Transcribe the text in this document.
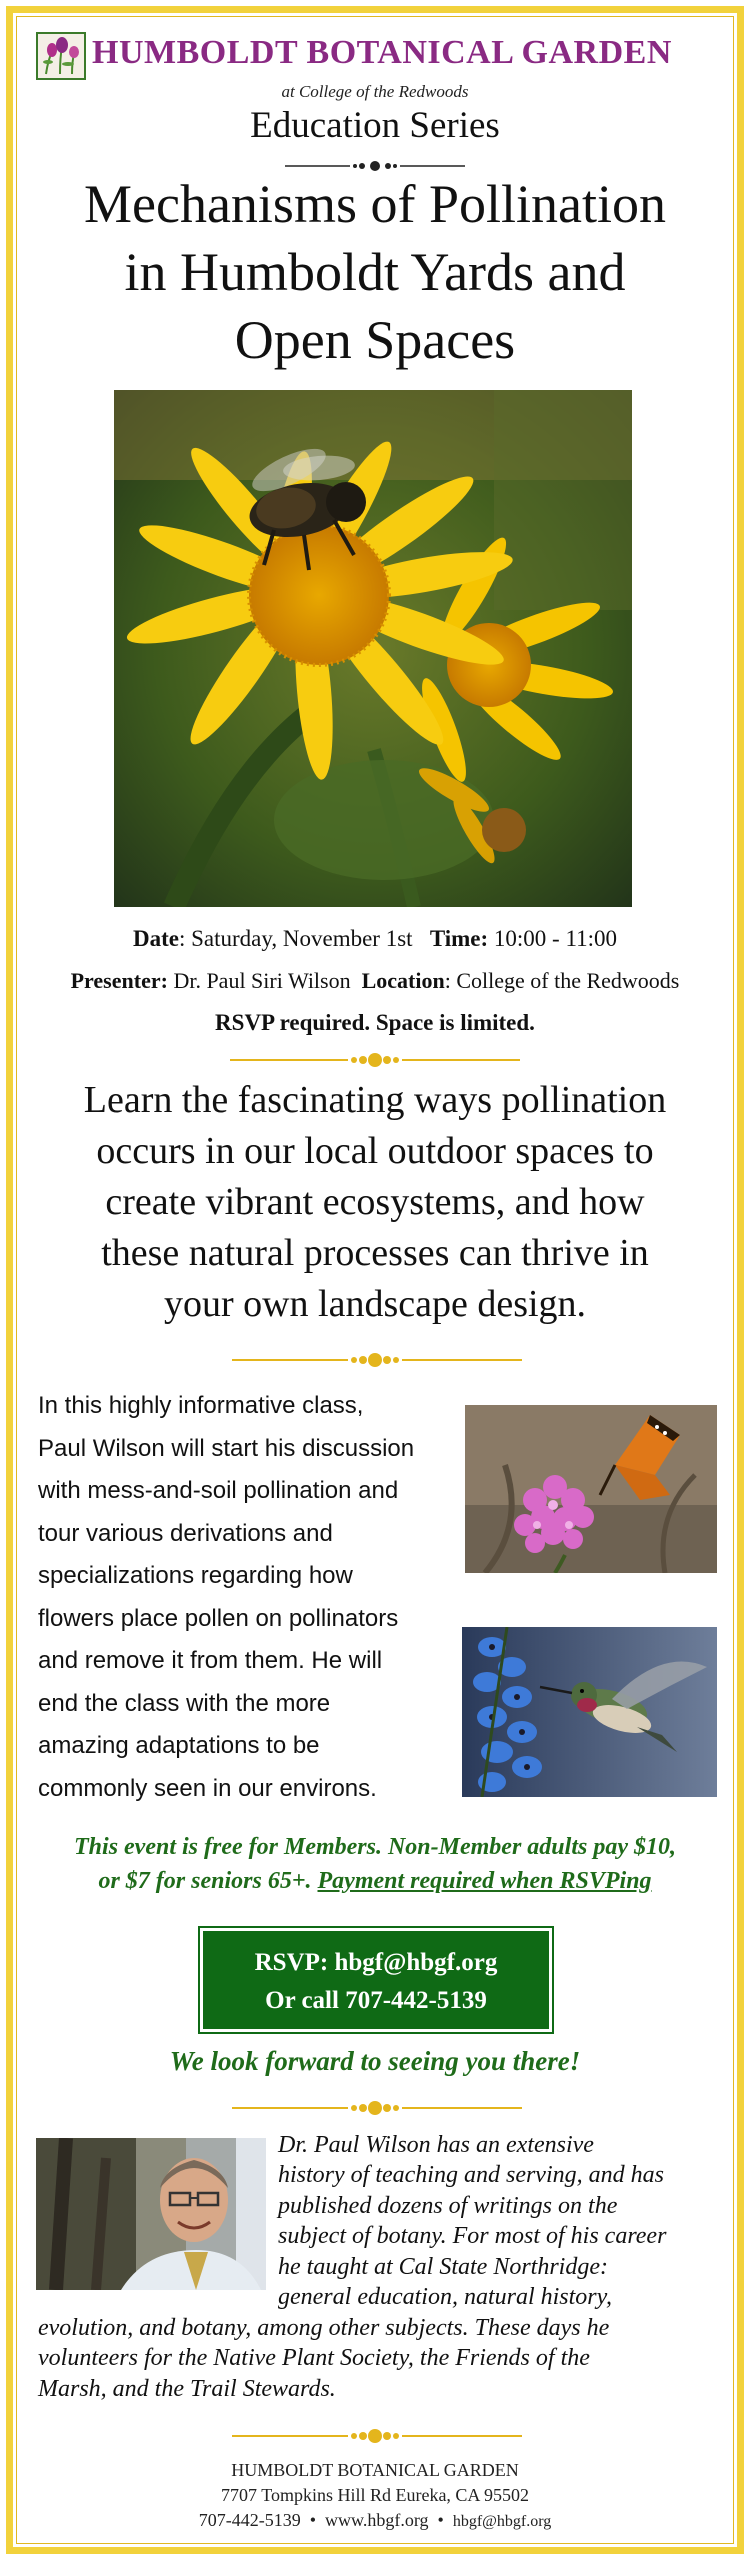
HUMBOLDT BOTANICAL GARDEN
at College of the Redwoods
Education Series
Mechanisms of Pollination
in Humboldt Yards and
Open Spaces
Date: Saturday, November 1st Time: 10:00 - 11:00
Presenter: Dr. Paul Siri Wilson Location: College of the Redwoods
RSVP required. Space is limited.
Learn the fascinating ways pollination
occurs in our local outdoor spaces to
create vibrant ecosystems, and how
these natural processes can thrive in
your own landscape design.
In this highly informative class,
Paul Wilson will start his discussion
with mess-and-soil pollination and
tour various derivations and
specializations regarding how
flowers place pollen on pollinators
and remove it from them. He will
end the class with the more
amazing adaptations to be
commonly seen in our environs.
This event is free for Members. Non-Member adults pay $10,
or $7 for seniors 65+. Payment required when RSVPing
RSVP: hbgf@hbgf.org
Or call 707-442-5139
We look forward to seeing you there!
Dr. Paul Wilson has an extensive
history of teaching and serving, and has
published dozens of writings on the
subject of botany. For most of his career
he taught at Cal State Northridge:
general education, natural history,
evolution, and botany, among other subjects. These days he
volunteers for the Native Plant Society, the Friends of the
Marsh, and the Trail Stewards.
HUMBOLDT BOTANICAL GARDEN
7707 Tompkins Hill Rd Eureka, CA 95502
707-442-5139 • www.hbgf.org • hbgf@hbgf.org
